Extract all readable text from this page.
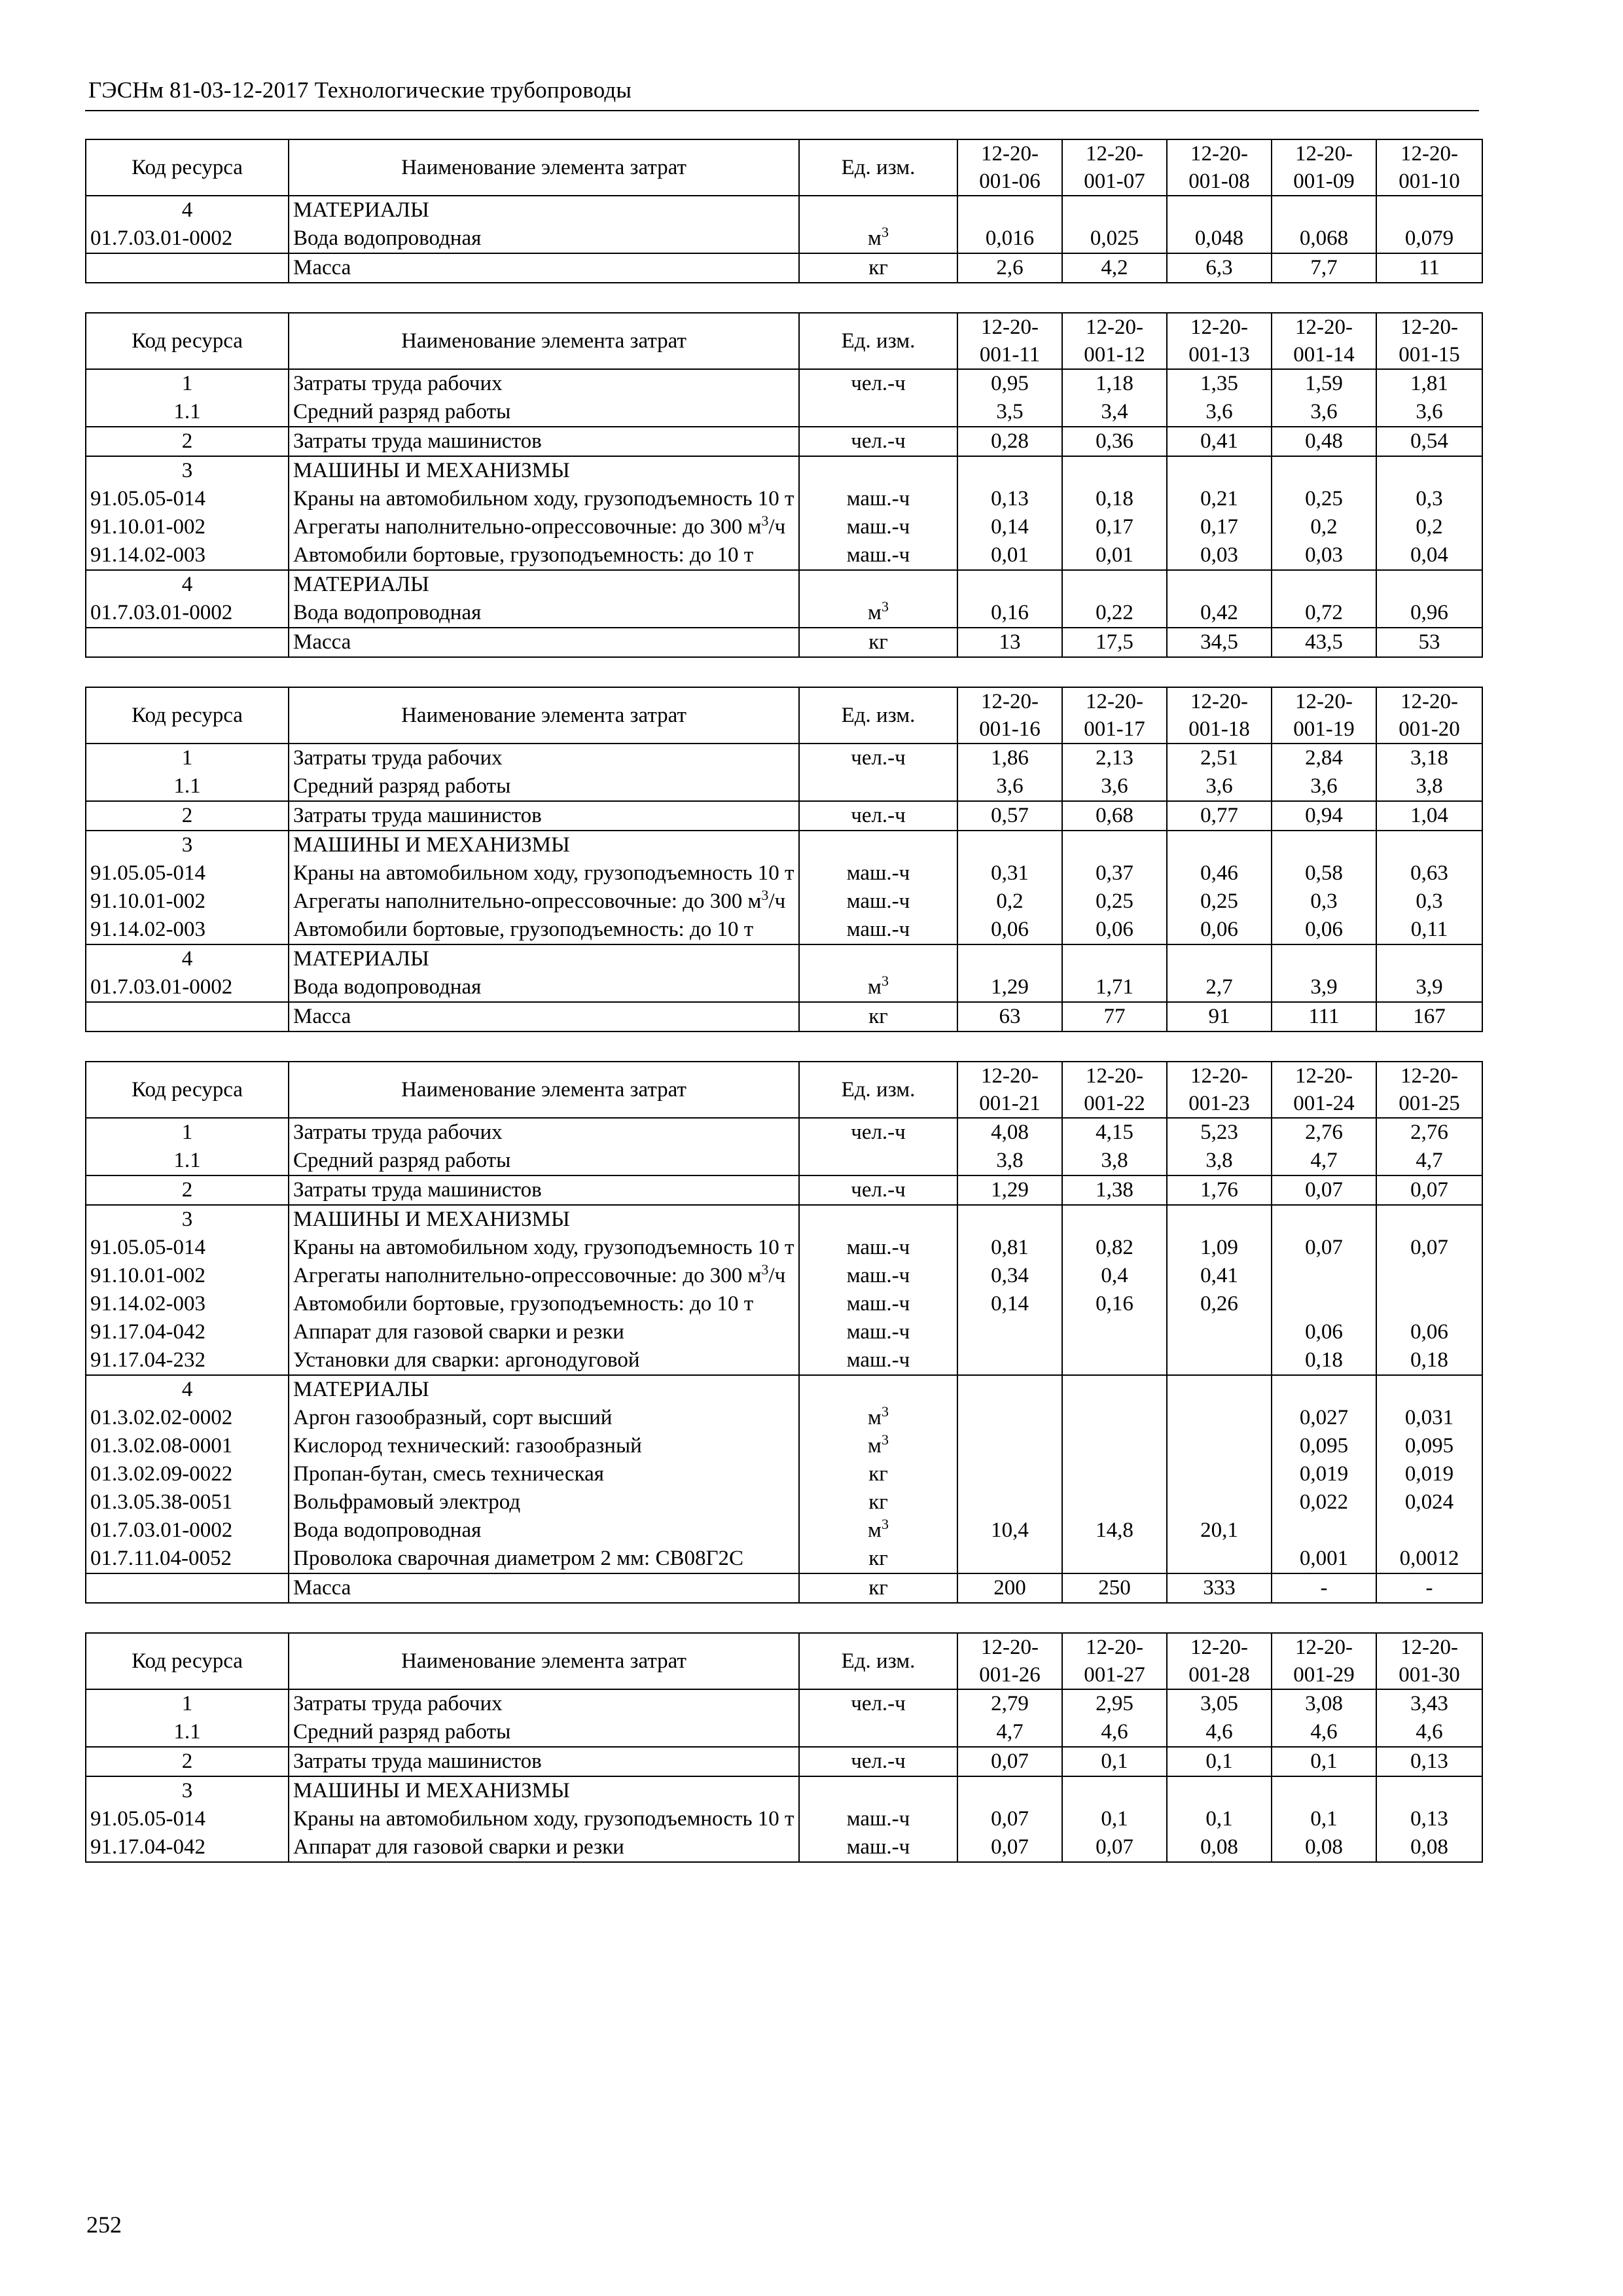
ГЭСНм 81-03-12-2017 Технологические трубопроводы
Код ресурса	Наименование элемента затрат	Ед. изм.	12-20-001-06	12-20-001-07	12-20-001-08	12-20-001-09	12-20-001-10
4	МАТЕРИАЛЫ						
01.7.03.01-0002	Вода водопроводная	$м^3$	0,016	0,025	0,048	0,068	0,079
	Масса	кг	2,6	4,2	6,3	7,7	11
Код ресурса	Наименование элемента затрат	Ед. изм.	12-20-001-11	12-20-001-12	12-20-001-13	12-20-001-14	12-20-001-15
1	Затраты труда рабочих	чел.-ч	0,95	1,18	1,35	1,59	1,81
1.1	Средний разряд работы		3,5	3,4	3,6	3,6	3,6
2	Затраты труда машинистов	чел.-ч	0,28	0,36	0,41	0,48	0,54
3	МАШИНЫ И МЕХАНИЗМЫ						
91.05.05-014	Краны на автомобильном ходу, грузоподъемность 10 т	маш.-ч	0,13	0,18	0,21	0,25	0,3
91.10.01-002	Агрегаты наполнительно-опрессовочные: до 300 $м^3/ч$	маш.-ч	0,14	0,17	0,17	0,2	0,2
91.14.02-003	Автомобили бортовые, грузоподъемность: до 10 т	маш.-ч	0,01	0,01	0,03	0,03	0,04
4	МАТЕРИАЛЫ						
01.7.03.01-0002	Вода водопроводная	$м^3$	0,16	0,22	0,42	0,72	0,96
	Масса	кг	13	17,5	34,5	43,5	53
Код ресурса	Наименование элемента затрат	Ед. изм.	12-20-001-16	12-20-001-17	12-20-001-18	12-20-001-19	12-20-001-20
1	Затраты труда рабочих	чел.-ч	1,86	2,13	2,51	2,84	3,18
1.1	Средний разряд работы		3,6	3,6	3,6	3,6	3,8
2	Затраты труда машинистов	чел.-ч	0,57	0,68	0,77	0,94	1,04
3	МАШИНЫ И МЕХАНИЗМЫ						
91.05.05-014	Краны на автомобильном ходу, грузоподъемность 10 т	маш.-ч	0,31	0,37	0,46	0,58	0,63
91.10.01-002	Агрегаты наполнительно-опрессовочные: до 300 $м^3/ч$	маш.-ч	0,2	0,25	0,25	0,3	0,3
91.14.02-003	Автомобили бортовые, грузоподъемность: до 10 т	маш.-ч	0,06	0,06	0,06	0,06	0,11
4	МАТЕРИАЛЫ						
01.7.03.01-0002	Вода водопроводная	$м^3$	1,29	1,71	2,7	3,9	3,9
	Масса	кг	63	77	91	111	167
Код ресурса	Наименование элемента затрат	Ед. изм.	12-20-001-21	12-20-001-22	12-20-001-23	12-20-001-24	12-20-001-25
1	Затраты труда рабочих	чел.-ч	4,08	4,15	5,23	2,76	2,76
1.1	Средний разряд работы		3,8	3,8	3,8	4,7	4,7
2	Затраты труда машинистов	чел.-ч	1,29	1,38	1,76	0,07	0,07
3	МАШИНЫ И МЕХАНИЗМЫ						
91.05.05-014	Краны на автомобильном ходу, грузоподъемность 10 т	маш.-ч	0,81	0,82	1,09	0,07	0,07
91.10.01-002	Агрегаты наполнительно-опрессовочные: до 300 $м^3/ч$	маш.-ч	0,34	0,4	0,41		
91.14.02-003	Автомобили бортовые, грузоподъемность: до 10 т	маш.-ч	0,14	0,16	0,26		
91.17.04-042	Аппарат для газовой сварки и резки	маш.-ч				0,06	0,06
91.17.04-232	Установки для сварки: аргонодуговой	маш.-ч				0,18	0,18
4	МАТЕРИАЛЫ						
01.3.02.02-0002	Аргон газообразный, сорт высший	$м^3$				0,027	0,031
01.3.02.08-0001	Кислород технический: газообразный	$м^3$				0,095	0,095
01.3.02.09-0022	Пропан-бутан, смесь техническая	кг				0,019	0,019
01.3.05.38-0051	Вольфрамовый электрод	кг				0,022	0,024
01.7.03.01-0002	Вода водопроводная	$м^3$	10,4	14,8	20,1		
01.7.11.04-0052	Проволока сварочная диаметром 2 мм: СВ08Г2С	кг				0,001	0,0012
	Масса	кг	200	250	333	-	-
Код ресурса	Наименование элемента затрат	Ед. изм.	12-20-001-26	12-20-001-27	12-20-001-28	12-20-001-29	12-20-001-30
1	Затраты труда рабочих	чел.-ч	2,79	2,95	3,05	3,08	3,43
1.1	Средний разряд работы		4,7	4,6	4,6	4,6	4,6
2	Затраты труда машинистов	чел.-ч	0,07	0,1	0,1	0,1	0,13
3	МАШИНЫ И МЕХАНИЗМЫ						
91.05.05-014	Краны на автомобильном ходу, грузоподъемность 10 т	маш.-ч	0,07	0,1	0,1	0,1	0,13
91.17.04-042	Аппарат для газовой сварки и резки	маш.-ч	0,07	0,07	0,08	0,08	0,08
252
